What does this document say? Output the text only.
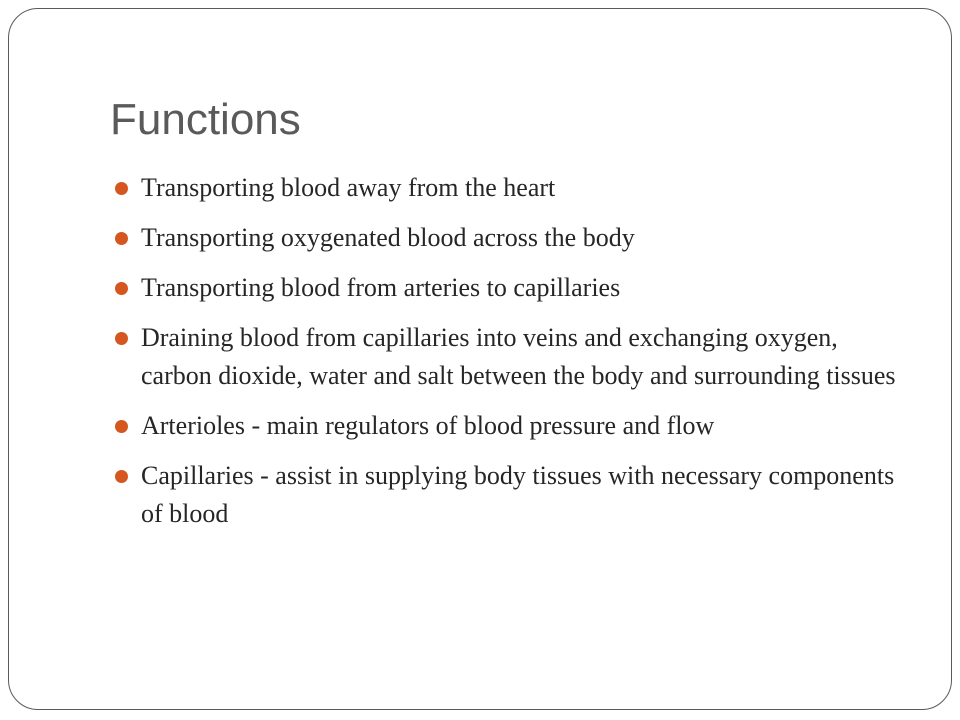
Functions
Transporting blood away from the heart
Transporting oxygenated blood across the body
Transporting blood from arteries to capillaries
Draining blood from capillaries into veins and exchanging oxygen, carbon dioxide, water and salt between the body and surrounding tissues
Arterioles - main regulators of blood pressure and flow
Capillaries - assist in supplying body tissues with necessary components of blood
